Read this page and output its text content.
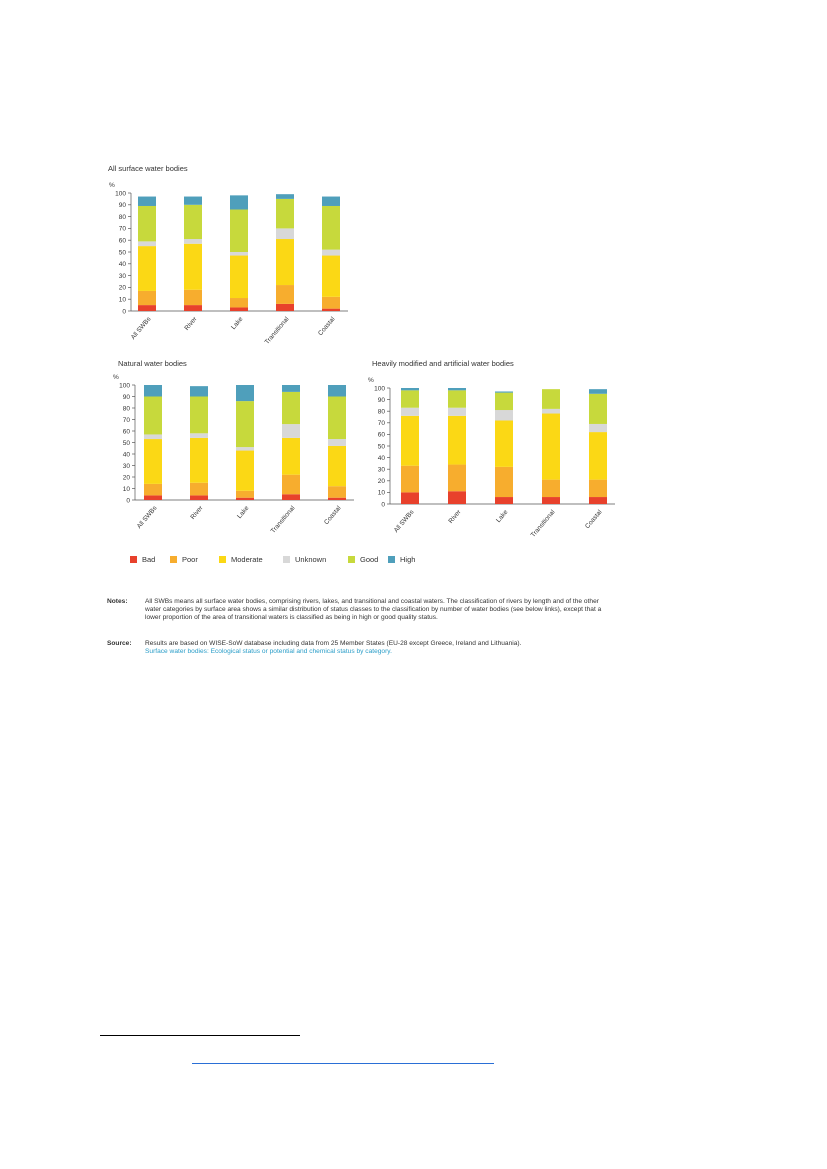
All surface water bodies
Natural water bodies	Heavily modified and artificial water bodies
%
0
10
20
30
40
50
60
70
80
90
100
All SWBs	River	Lake	Transitional	Coastal
%
0
10
20
30
40
50
60
70
80
90
100
All SWBs	River	Lake	Transitional	Coastal
%
0
10
20
30
40
50
60
70
80
90
100
All SWBs	River	Lake	Transitional	Coastal
Bad	Poor	Moderate	Unknown	Good	High
Notes:	All SWBs means all surface water bodies, comprising rivers, lakes, and transitional and coastal waters. The classification of rivers by length and of the other water categories by surface area shows a similar distribution of status classes to the classification by number of water bodies (see below links), except that a lower proportion of the area of transitional waters is classified as being in high or good quality status.
Source: Results are based on WISE-SoW database including data from 25 Member States (EU-28 except Greece, Ireland and Lithuania).
Surface water bodies: Ecological status or potential and chemical status by category.
